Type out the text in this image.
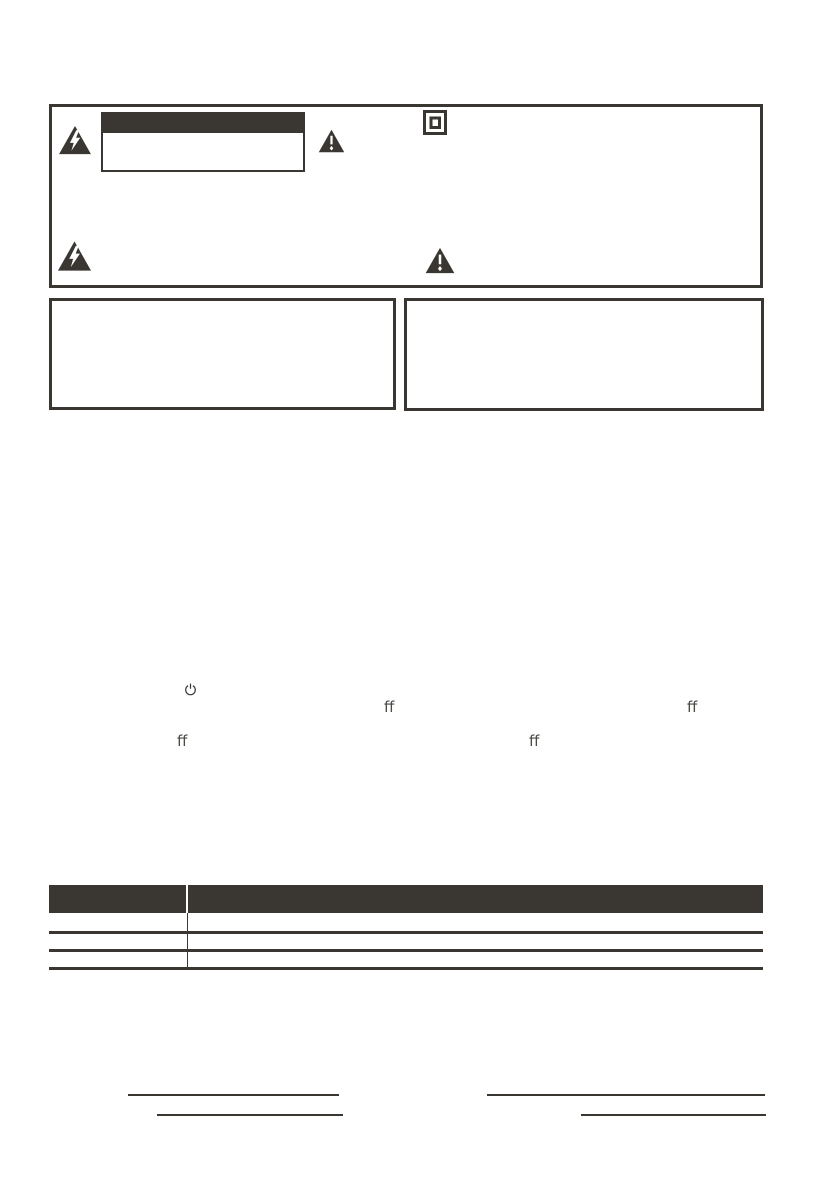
ff	ff
ff	ff
